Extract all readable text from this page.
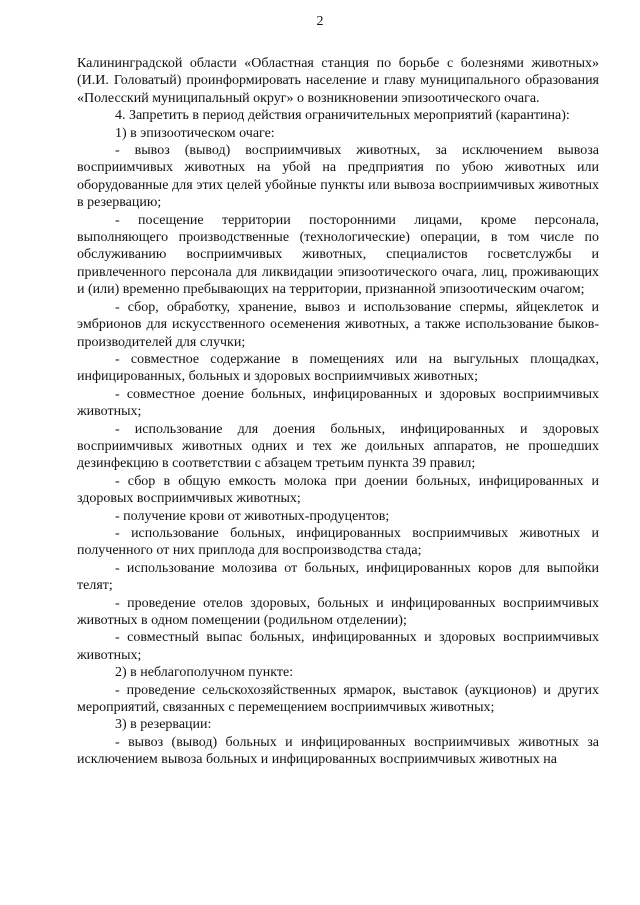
2

Калининградской области «Областная станция по борьбе с болезнями животных» (И.И. Головатый) проинформировать население и главу муниципального образования «Полесский муниципальный округ» о возникновении эпизоотического очага.

4. Запретить в период действия ограничительных мероприятий (карантина):

1) в эпизоотическом очаге:

- вывоз (вывод) восприимчивых животных, за исключением вывоза восприимчивых животных на убой на предприятия по убою животных или оборудованные для этих целей убойные пункты или вывоза восприимчивых животных в резервацию;

- посещение территории посторонними лицами, кроме персонала, выполняющего производственные (технологические) операции, в том числе по обслуживанию восприимчивых животных, специалистов госветслужбы и привлеченного персонала для ликвидации эпизоотического очага, лиц, проживающих и (или) временно пребывающих на территории, признанной эпизоотическим очагом;

- сбор, обработку, хранение, вывоз и использование спермы, яйцеклеток и эмбрионов для искусственного осеменения животных, а также использование быков-производителей для случки;

- совместное содержание в помещениях или на выгульных площадках, инфицированных, больных и здоровых восприимчивых животных;

- совместное доение больных, инфицированных и здоровых восприимчивых животных;

- использование для доения больных, инфицированных и здоровых восприимчивых животных одних и тех же доильных аппаратов, не прошедших дезинфекцию в соответствии с абзацем третьим пункта 39 правил;

- сбор в общую емкость молока при доении больных, инфицированных и здоровых восприимчивых животных;

- получение крови от животных-продуцентов;

- использование больных, инфицированных восприимчивых животных и полученного от них приплода для воспроизводства стада;

- использование молозива от больных, инфицированных коров для выпойки телят;

- проведение отелов здоровых, больных и инфицированных восприимчивых животных в одном помещении (родильном отделении);

- совместный выпас больных, инфицированных и здоровых восприимчивых животных;

2) в неблагополучном пункте:

- проведение сельскохозяйственных ярмарок, выставок (аукционов) и других мероприятий, связанных с перемещением восприимчивых животных;

3) в резервации:

- вывоз (вывод) больных и инфицированных восприимчивых животных за исключением вывоза больных и инфицированных восприимчивых животных на
